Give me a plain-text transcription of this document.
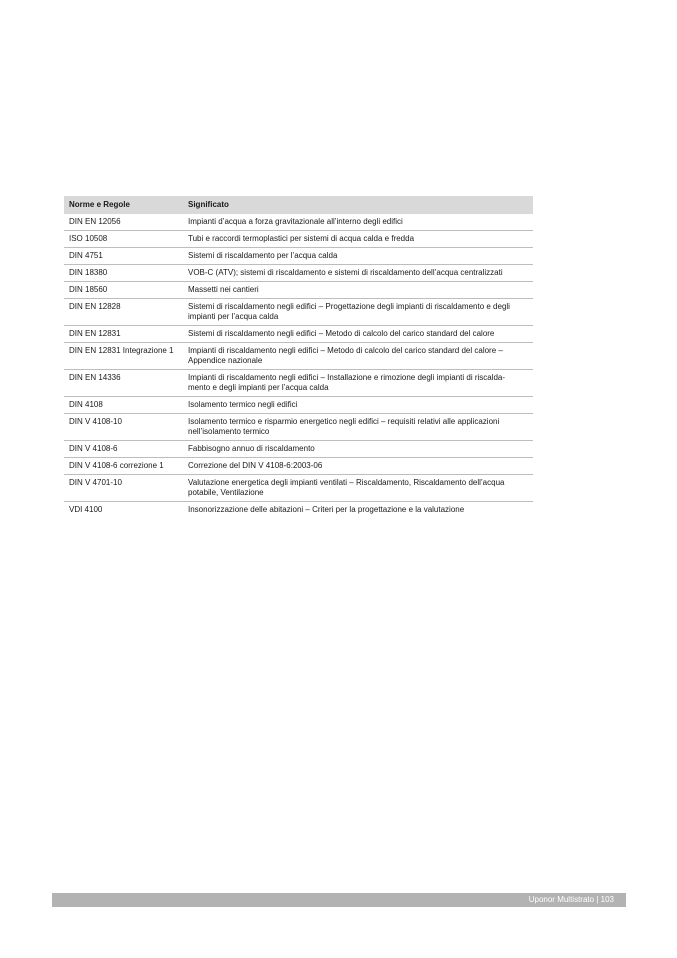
Norme e Regole	Significato
DIN EN 12056	Impianti d’acqua a forza gravitazionale all’interno degli edifici
ISO 10508	Tubi e raccordi termoplastici per sistemi di acqua calda e fredda
DIN 4751	Sistemi di riscaldamento per l’acqua calda
DIN 18380	VOB-C (ATV); sistemi di riscaldamento e sistemi di riscaldamento dell’acqua centralizzati
DIN 18560	Massetti nei cantieri
DIN EN 12828	Sistemi di riscaldamento negli edifici – Progettazione degli impianti di riscaldamento e degli impianti per l’acqua calda
DIN EN 12831	Sistemi di riscaldamento negli edifici – Metodo di calcolo del carico standard del calore
DIN EN 12831 Integrazione 1	Impianti di riscaldamento negli edifici – Metodo di calcolo del carico standard del calore – Appendice nazionale
DIN EN 14336	Impianti di riscaldamento negli edifici – Installazione e rimozione degli impianti di riscalda-mento e degli impianti per l’acqua calda
DIN 4108	Isolamento termico negli edifici
DIN V 4108-10	Isolamento termico e risparmio energetico negli edifici – requisiti relativi alle applicazioni nell’isolamento termico
DIN V 4108-6	Fabbisogno annuo di riscaldamento
DIN V 4108-6 correzione 1	Correzione del DIN V 4108-6:2003-06
DIN V 4701-10	Valutazione energetica degli impianti ventilati – Riscaldamento, Riscaldamento dell’acqua potabile, Ventilazione
VDI 4100	Insonorizzazione delle abitazioni – Criteri per la progettazione e la valutazione
Uponor Multistrato | 103
